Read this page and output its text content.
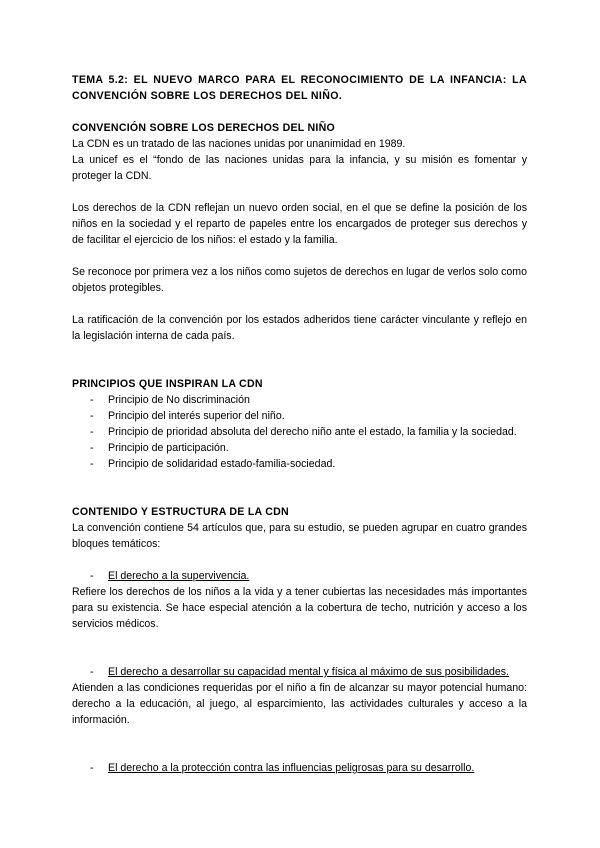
TEMA 5.2: EL NUEVO MARCO PARA EL RECONOCIMIENTO DE LA INFANCIA: LA CONVENCIÓN SOBRE LOS DERECHOS DEL NIÑO.

CONVENCIÓN SOBRE LOS DERECHOS DEL NIÑO

La CDN es un tratado de las naciones unidas por unanimidad en 1989.

La unicef es el “fondo de las naciones unidas para la infancia, y su misión es fomentar y proteger la CDN.

Los derechos de la CDN reflejan un nuevo orden social, en el que se define la posición de los niños en la sociedad y el reparto de papeles entre los encargados de proteger sus derechos y de facilitar el ejercicio de los niños: el estado y la familia.

Se reconoce por primera vez a los niños como sujetos de derechos en lugar de verlos solo como objetos protegibles.

La ratificación de la convención por los estados adheridos tiene carácter vinculante y reflejo en la legislación interna de cada país.

PRINCIPIOS QUE INSPIRAN LA CDN

- Principio de No discriminación
- Principio del interés superior del niño.
- Principio de prioridad absoluta del derecho niño ante el estado, la familia y la sociedad.
- Principio de participación.
- Principio de solidaridad estado-familia-sociedad.

CONTENIDO Y ESTRUCTURA DE LA CDN

La convención contiene 54 artículos que, para su estudio, se pueden agrupar en cuatro grandes bloques temáticos:

- El derecho a la supervivencia.

Refiere los derechos de los niños a la vida y a tener cubiertas las necesidades más importantes para su existencia. Se hace especial atención a la cobertura de techo, nutrición y acceso a los servicios médicos.

- El derecho a desarrollar su capacidad mental y física al máximo de sus posibilidades.

Atienden a las condiciones requeridas por el niño a fin de alcanzar su mayor potencial humano: derecho a la educación, al juego, al esparcimiento, las actividades culturales y acceso a la información.

- El derecho a la protección contra las influencias peligrosas para su desarrollo.
